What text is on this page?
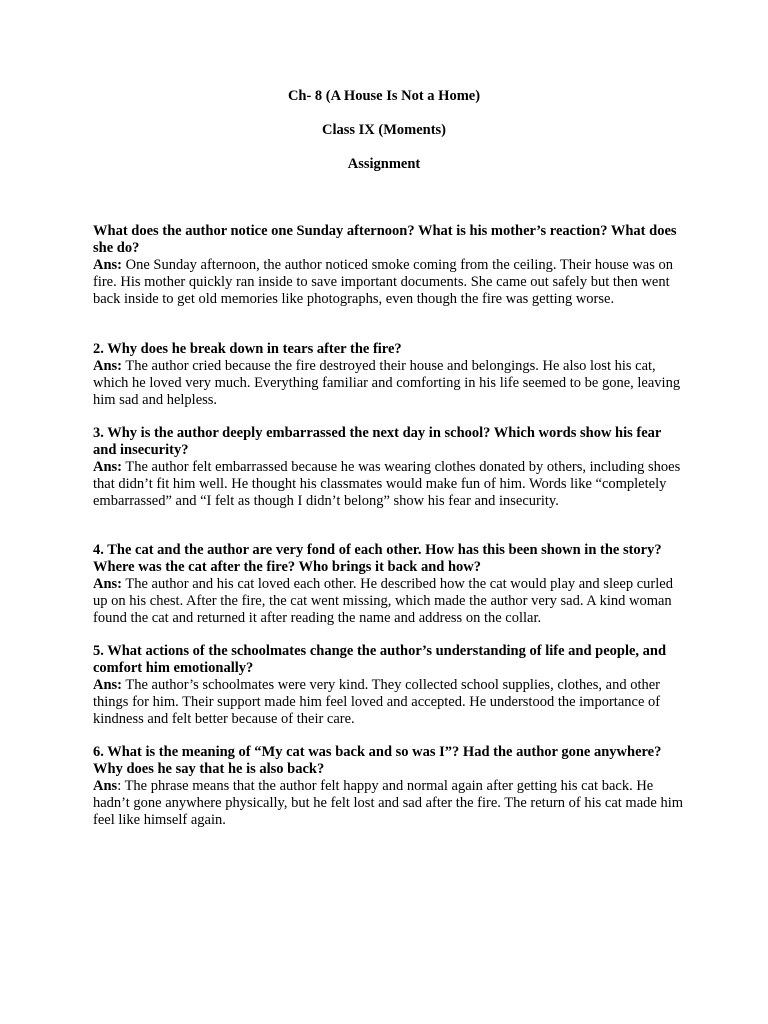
Ch- 8 (A House Is Not a Home)
Class IX (Moments)
Assignment

What does the author notice one Sunday afternoon? What is his mother’s reaction? What does she do?

Ans: One Sunday afternoon, the author noticed smoke coming from the ceiling. Their house was on fire. His mother quickly ran inside to save important documents. She came out safely but then went back inside to get old memories like photographs, even though the fire was getting worse.

2. Why does he break down in tears after the fire?

Ans: The author cried because the fire destroyed their house and belongings. He also lost his cat, which he loved very much. Everything familiar and comforting in his life seemed to be gone, leaving him sad and helpless.

3. Why is the author deeply embarrassed the next day in school? Which words show his fear and insecurity?

Ans: The author felt embarrassed because he was wearing clothes donated by others, including shoes that didn’t fit him well. He thought his classmates would make fun of him. Words like “completely embarrassed” and “I felt as though I didn’t belong” show his fear and insecurity.

4. The cat and the author are very fond of each other. How has this been shown in the story? Where was the cat after the fire? Who brings it back and how?

Ans: The author and his cat loved each other. He described how the cat would play and sleep curled up on his chest. After the fire, the cat went missing, which made the author very sad. A kind woman found the cat and returned it after reading the name and address on the collar.

5. What actions of the schoolmates change the author’s understanding of life and people, and comfort him emotionally?

Ans: The author’s schoolmates were very kind. They collected school supplies, clothes, and other things for him. Their support made him feel loved and accepted. He understood the importance of kindness and felt better because of their care.

6. What is the meaning of “My cat was back and so was I”? Had the author gone anywhere? Why does he say that he is also back?

Ans: The phrase means that the author felt happy and normal again after getting his cat back. He hadn’t gone anywhere physically, but he felt lost and sad after the fire. The return of his cat made him feel like himself again.
